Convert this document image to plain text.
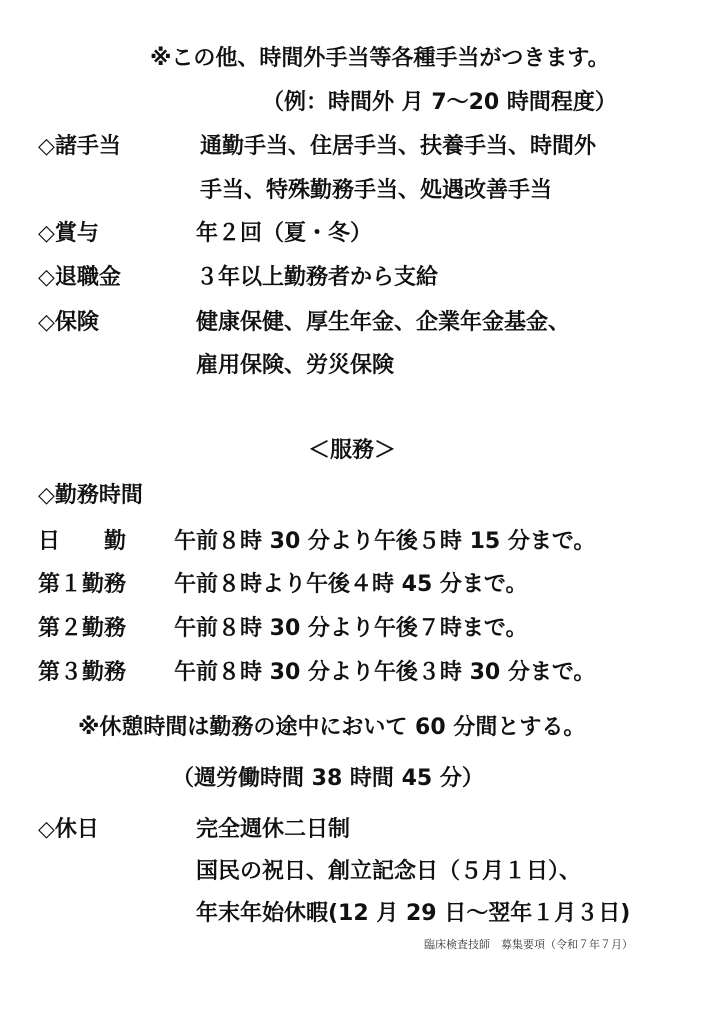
※この他、時間外手当等各種手当がつきます。
（例：時間外 月 7～20 時間程度）
◇諸手当	通勤手当、住居手当、扶養手当、時間外
手当、特殊勤務手当、処遇改善手当
◇賞与	年２回（夏・冬）
◇退職金	３年以上勤務者から支給
◇保険	健康保健、厚生年金、企業年金基金、
雇用保険、労災保険
＜服務＞
◇勤務時間
日　　勤 午前８時 30 分より午後５時 15 分まで。
第１勤務 午前８時より午後４時 45 分まで。
第２勤務 午前８時 30 分より午後７時まで。
第３勤務 午前８時 30 分より午後３時 30 分まで。
※休憩時間は勤務の途中において 60 分間とする。
（週労働時間 38 時間 45 分）
◇休日	完全週休二日制
国民の祝日、創立記念日（５月１日）、
年末年始休暇(12 月 29 日～翌年１月３日)
臨床検査技師　募集要項（令和７年７月）
